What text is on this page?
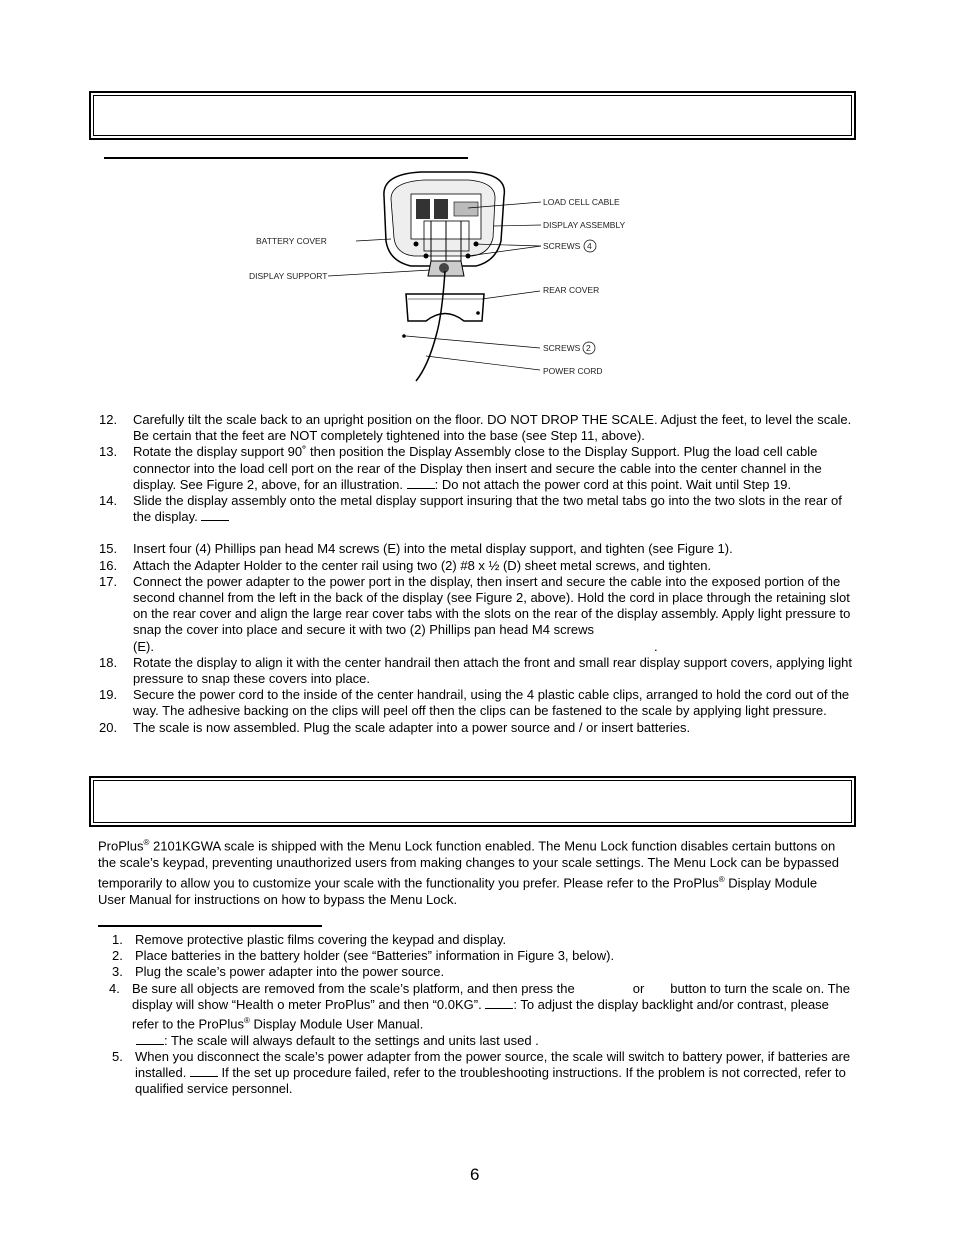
LOAD CELL CABLE
DISPLAY ASSEMBLY
SCREWS 4
BATTERY COVER
DISPLAY SUPPORT
REAR COVER
SCREWS 2
POWER CORD
12.	Carefully tilt the scale back to an upright position on the floor. DO NOT DROP THE SCALE. Adjust the feet, to level the scale. Be certain that the feet are NOT completely tightened into the base (see Step 11, above).
13.	Rotate the display support 90˚ then position the Display Assembly close to the Display Support. Plug the load cell cable connector into the load cell port on the rear of the Display then insert and secure the cable into the center channel in the display. See Figure 2, above, for an illustration. : Do not attach the power cord at this point. Wait until Step 19.
14.	Slide the display assembly onto the metal display support insuring that the two metal tabs go into the two slots in the rear of the display.
15.	Insert four (4) Phillips pan head M4 screws (E) into the metal display support, and tighten (see Figure 1).
16.	Attach the Adapter Holder to the center rail using two (2) #8 x ½ (D) sheet metal screws, and tighten.
17.	Connect the power adapter to the power port in the display, then insert and secure the cable into the exposed portion of the second channel from the left in the back of the display (see Figure 2, above). Hold the cord in place through the retaining slot on the rear cover and align the large rear cover tabs with the slots on the rear of the display assembly. Apply light pressure to snap the cover into place and secure it with two (2) Phillips pan head M4 screws (E).	.
18.	Rotate the display to align it with the center handrail then attach the front and small rear display support covers, applying light pressure to snap these covers into place.
19.	Secure the power cord to the inside of the center handrail, using the 4 plastic cable clips, arranged to hold the cord out of the way. The adhesive backing on the clips will peel off then the clips can be fastened to the scale by applying light pressure.
20.	The scale is now assembled. Plug the scale adapter into a power source and / or insert batteries.
ProPlus® 2101KGWA scale is shipped with the Menu Lock function enabled. The Menu Lock function disables certain buttons on the scale’s keypad, preventing unauthorized users from making changes to your scale settings. The Menu Lock can be bypassed temporarily to allow you to customize your scale with the functionality you prefer. Please refer to the ProPlus® Display Module User Manual for instructions on how to bypass the Menu Lock.
1. Remove protective plastic films covering the keypad and display.
2. Place batteries in the battery holder (see “Batteries” information in Figure 3, below).
3. Plug the scale’s power adapter into the power source.
4. Be sure all objects are removed from the scale’s platform, and then press the	or button to turn the scale on. The display will show “Health o meter ProPlus” and then “0.0KG”. : To adjust the display backlight and/or contrast, please refer to the ProPlus® Display Module User Manual.
: The scale will always default to the settings and units last used .
5. When you disconnect the scale’s power adapter from the power source, the scale will switch to battery power, if batteries are installed.  If the set up procedure failed, refer to the troubleshooting instructions. If the problem is not corrected, refer to qualified service personnel.
6
